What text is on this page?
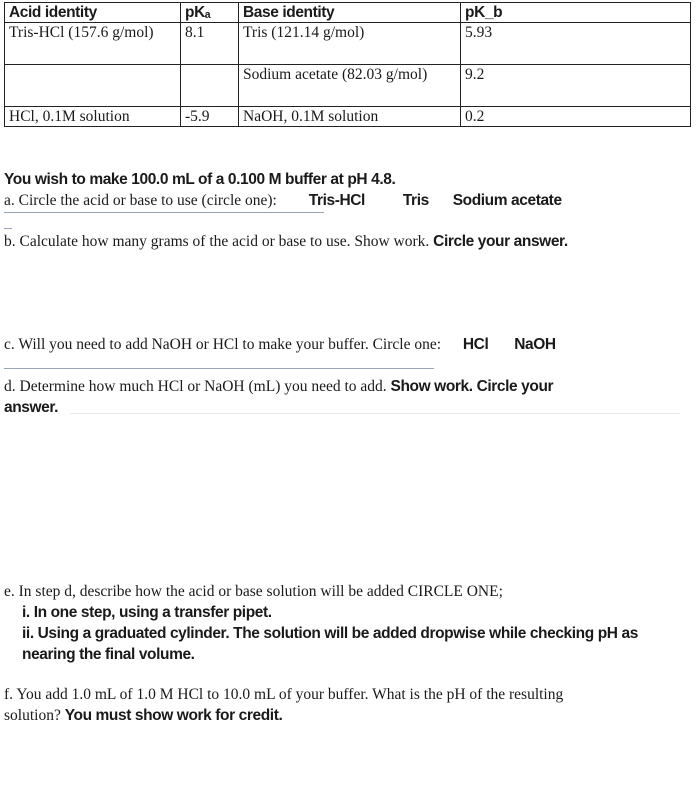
Acid identity	pKₐ	Base identity	pK_b
Tris-HCl (157.6 g/mol)	8.1	Tris (121.14 g/mol)	5.93
		Sodium acetate (82.03 g/mol)	9.2
HCl, 0.1M solution	-5.9	NaOH, 0.1M solution	0.2
You wish to make 100.0 mL of a 0.100 M buffer at pH 4.8.
a. Circle the acid or base to use (circle one): Tris-HCl Tris Sodium acetate
b. Calculate how many grams of the acid or base to use. Show work. Circle your answer.
c. Will you need to add NaOH or HCl to make your buffer. Circle one: HCl NaOH
d. Determine how much HCl or NaOH (mL) you need to add. Show work. Circle your
answer.
e. In step d, describe how the acid or base solution will be added CIRCLE ONE;
i. In one step, using a transfer pipet.
ii. Using a graduated cylinder. The solution will be added dropwise while checking pH as
nearing the final volume.
f. You add 1.0 mL of 1.0 M HCl to 10.0 mL of your buffer. What is the pH of the resulting
solution? You must show work for credit.
